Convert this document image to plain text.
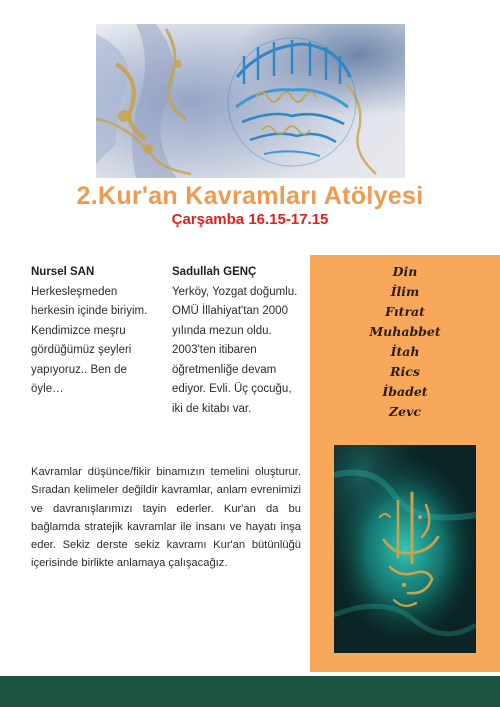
2.Kur'an Kavramları Atölyesi
Çarşamba 16.15-17.15
Nursel SAN
Herkesleşmeden
herkesin içinde biriyim.
Kendimizce meşru
gördüğümüz şeyleri
yapıyoruz.. Ben de
öyle…
Sadullah GENÇ
Yerköy, Yozgat doğumlu.
OMÜ İllahiyat'tan 2000
yılında mezun oldu.
2003'ten itibaren
öğretmenliğe devam
ediyor. Evli. Üç çocuğu,
iki de kitabı var.
Kavramlar düşünce/fikir binamızın temelini oluşturur. Sıradan kelimeler değildir kavramlar, anlam evrenimizi ve davranışlarımızı tayin ederler. Kur'an da bu bağlamda stratejik kavramlar ile insanı ve hayatı inşa eder. Sekiz derste sekiz kavramı Kur'an bütünlüğü içerisinde birlikte anlamaya çalışacağız.
Din
İlim
Fıtrat
Muhabbet
İtah
Rics
İbadet
Zevc
